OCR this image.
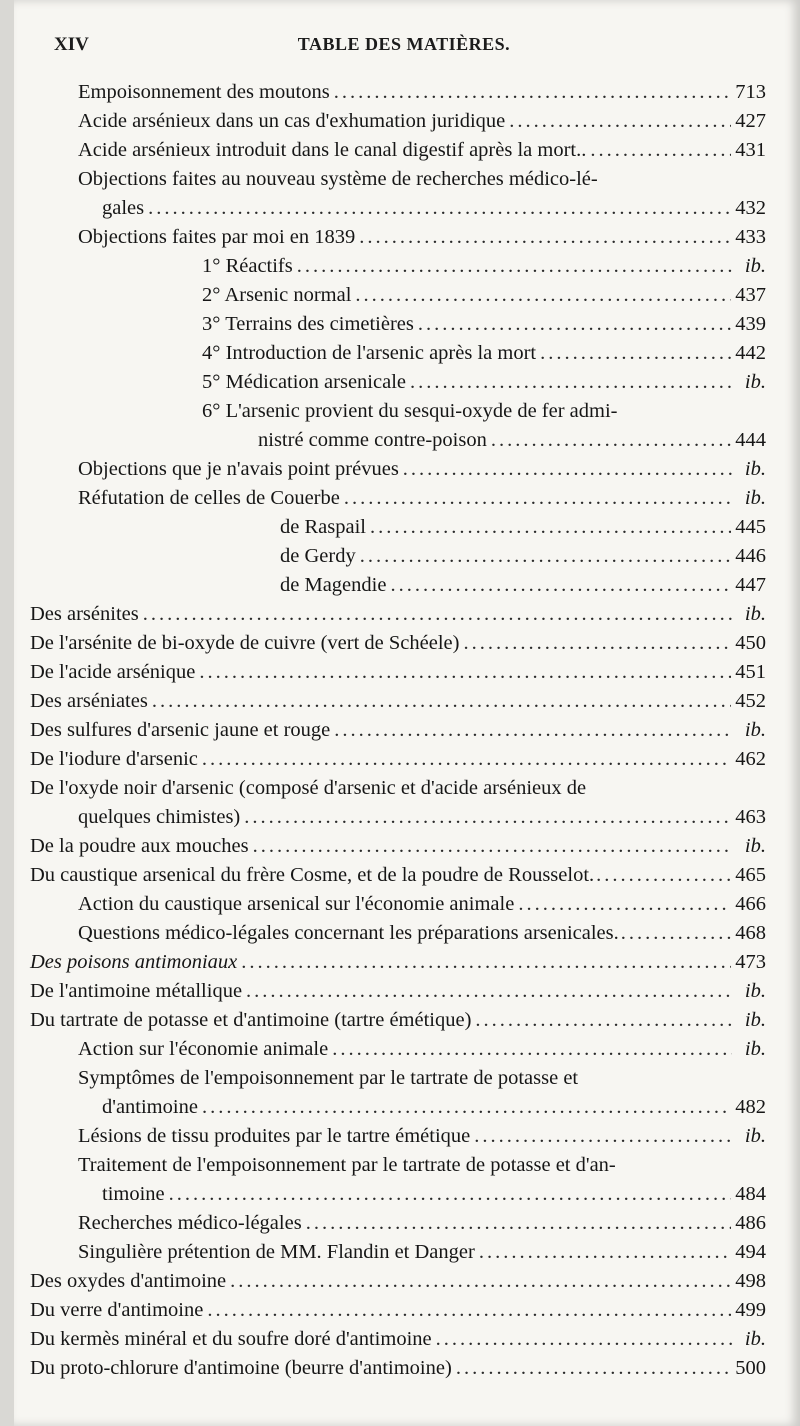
XIV	TABLE DES MATIÈRES.
Empoisonnement des moutons .....	713
Acide arsénieux dans un cas d'exhumation juridique .....	427
Acide arsénieux introduit dans le canal digestif après la mort.. .....	431
Objections faites au nouveau système de recherches médico-lé-
gales .....	432
Objections faites par moi en 1839 .....	433
1° Réactifs .....	ib.
2° Arsenic normal .....	437
3° Terrains des cimetières .....	439
4° Introduction de l'arsenic après la mort .....	442
5° Médication arsenicale .....	ib.
6° L'arsenic provient du sesqui-oxyde de fer admi-
nistré comme contre-poison .....	444
Objections que je n'avais point prévues .....	ib.
Réfutation de celles de Couerbe .....	ib.
de Raspail .....	445
de Gerdy .....	446
de Magendie .....	447
Des arsénites .....	ib.
De l'arsénite de bi-oxyde de cuivre (vert de Schéele) .....	450
De l'acide arsénique .....	451
Des arséniates .....	452
Des sulfures d'arsenic jaune et rouge .....	ib.
De l'iodure d'arsenic .....	462
De l'oxyde noir d'arsenic (composé d'arsenic et d'acide arsénieux de
quelques chimistes) .....	463
De la poudre aux mouches .....	ib.
Du caustique arsenical du frère Cosme, et de la poudre de Rousselot. .....	465
Action du caustique arsenical sur l'économie animale .....	466
Questions médico-légales concernant les préparations arsenicales. .....	468
Des poisons antimoniaux .....	473
De l'antimoine métallique .....	ib.
Du tartrate de potasse et d'antimoine (tartre émétique) .....	ib.
Action sur l'économie animale .....	ib.
Symptômes de l'empoisonnement par le tartrate de potasse et
d'antimoine .....	482
Lésions de tissu produites par le tartre émétique .....	ib.
Traitement de l'empoisonnement par le tartrate de potasse et d'an-
timoine .....	484
Recherches médico-légales .....	486
Singulière prétention de MM. Flandin et Danger .....	494
Des oxydes d'antimoine .....	498
Du verre d'antimoine .....	499
Du kermès minéral et du soufre doré d'antimoine .....	ib.
Du proto-chlorure d'antimoine (beurre d'antimoine) .....	500
